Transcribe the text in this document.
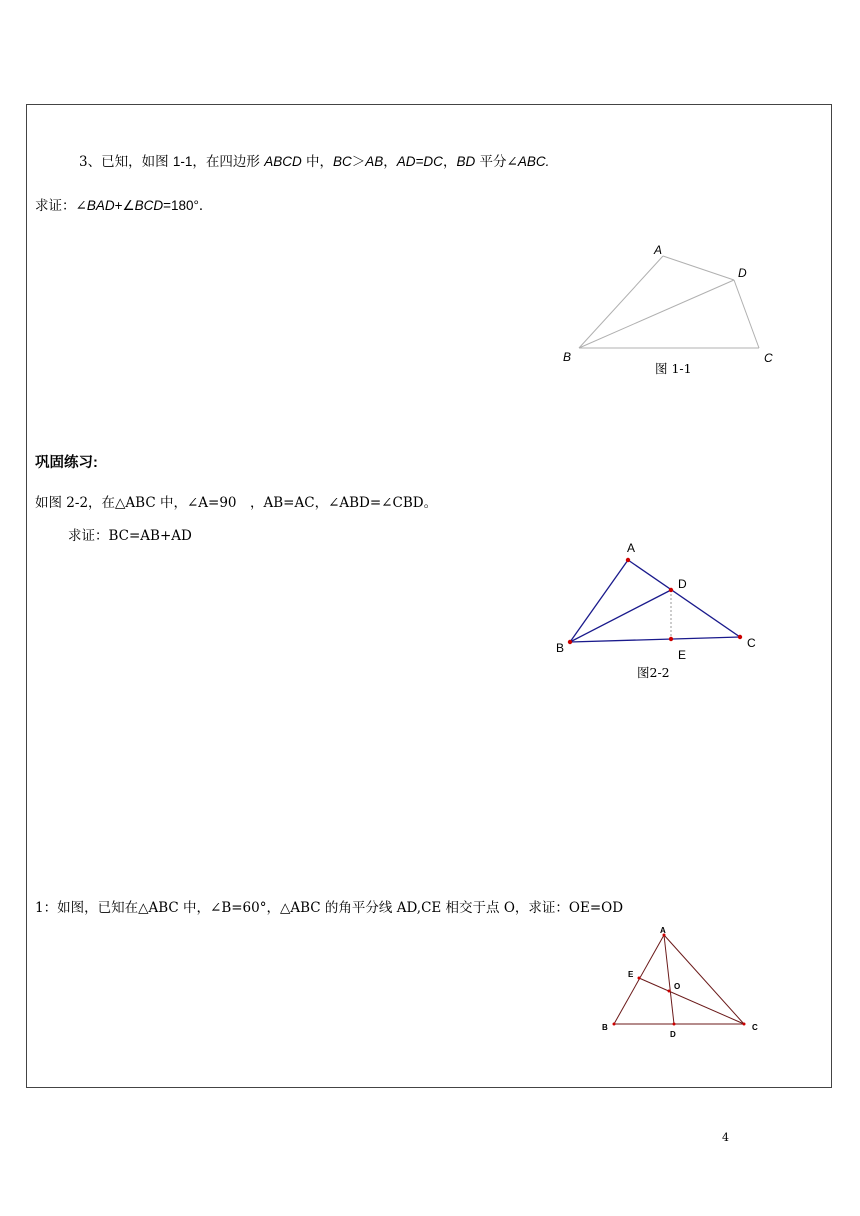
3、已知，如图 1-1，在四边形 ABCD 中，BC＞AB，AD=DC，BD 平分∠ABC.
求证：∠BAD+∠BCD=180°．
A
D
B	C
图 1-1
巩固练习:
如图 2-2，在△ABC 中，∠A=90　，AB=AC，∠ABD=∠CBD。
求证：BC=AB+AD
A
D
B	C
E
图2-2
1：如图，已知在△ABC 中，∠B=60°，△ABC 的角平分线 AD,CE 相交于点 O，求证：OE=OD
A
E
O
B
D
C
4
